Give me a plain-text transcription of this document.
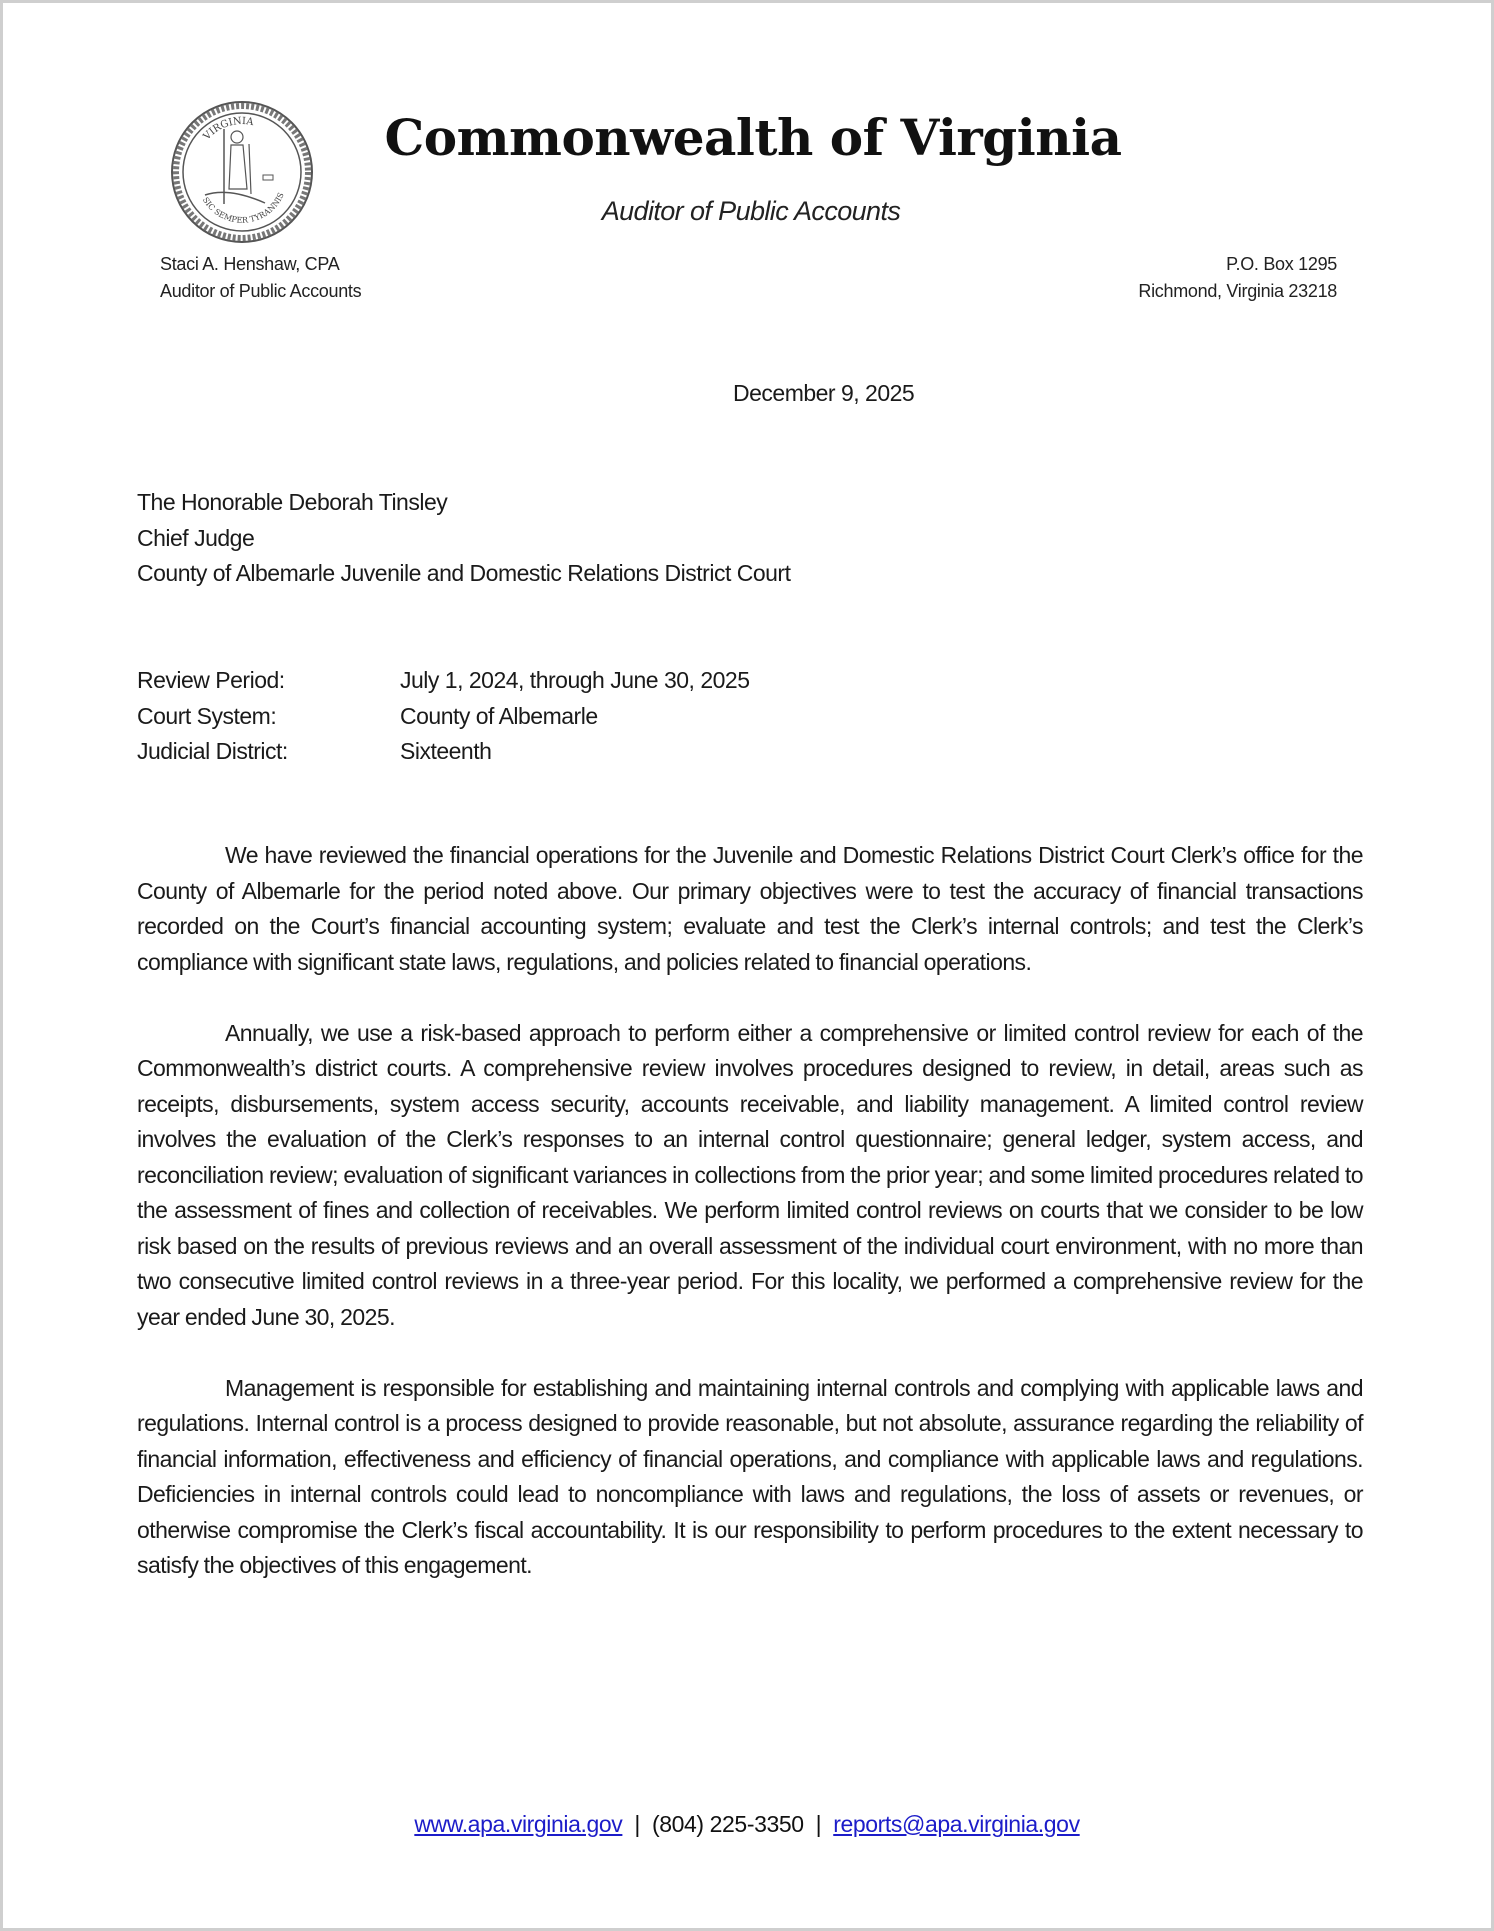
VIRGINIA
SIC SEMPER TYRANNIS
Commonwealth of Virginia
Auditor of Public Accounts
Staci A. Henshaw, CPA
Auditor of Public Accounts
P.O. Box 1295
Richmond, Virginia 23218
December 9, 2025
The Honorable Deborah Tinsley
Chief Judge
County of Albemarle Juvenile and Domestic Relations District Court
Review Period:	July 1, 2024, through June 30, 2025
Court System:	County of Albemarle
Judicial District:	Sixteenth

We have reviewed the financial operations for the Juvenile and Domestic Relations District Court Clerk’s office for the County of Albemarle for the period noted above. Our primary objectives were to test the accuracy of financial transactions recorded on the Court’s financial accounting system; evaluate and test the Clerk’s internal controls; and test the Clerk’s compliance with significant state laws, regulations, and policies related to financial operations.

Annually, we use a risk-based approach to perform either a comprehensive or limited control review for each of the Commonwealth’s district courts. A comprehensive review involves procedures designed to review, in detail, areas such as receipts, disbursements, system access security, accounts receivable, and liability management. A limited control review involves the evaluation of the Clerk’s responses to an internal control questionnaire; general ledger, system access, and reconciliation review; evaluation of significant variances in collections from the prior year; and some limited procedures related to the assessment of fines and collection of receivables. We perform limited control reviews on courts that we consider to be low risk based on the results of previous reviews and an overall assessment of the individual court environment, with no more than two consecutive limited control reviews in a three-year period. For this locality, we performed a comprehensive review for the year ended June 30, 2025.

Management is responsible for establishing and maintaining internal controls and complying with applicable laws and regulations. Internal control is a process designed to provide reasonable, but not absolute, assurance regarding the reliability of financial information, effectiveness and efficiency of financial operations, and compliance with applicable laws and regulations. Deficiencies in internal controls could lead to noncompliance with laws and regulations, the loss of assets or revenues, or otherwise compromise the Clerk’s fiscal accountability. It is our responsibility to perform procedures to the extent necessary to satisfy the objectives of this engagement.

www.apa.virginia.gov | (804) 225-3350 | reports@apa.virginia.gov
